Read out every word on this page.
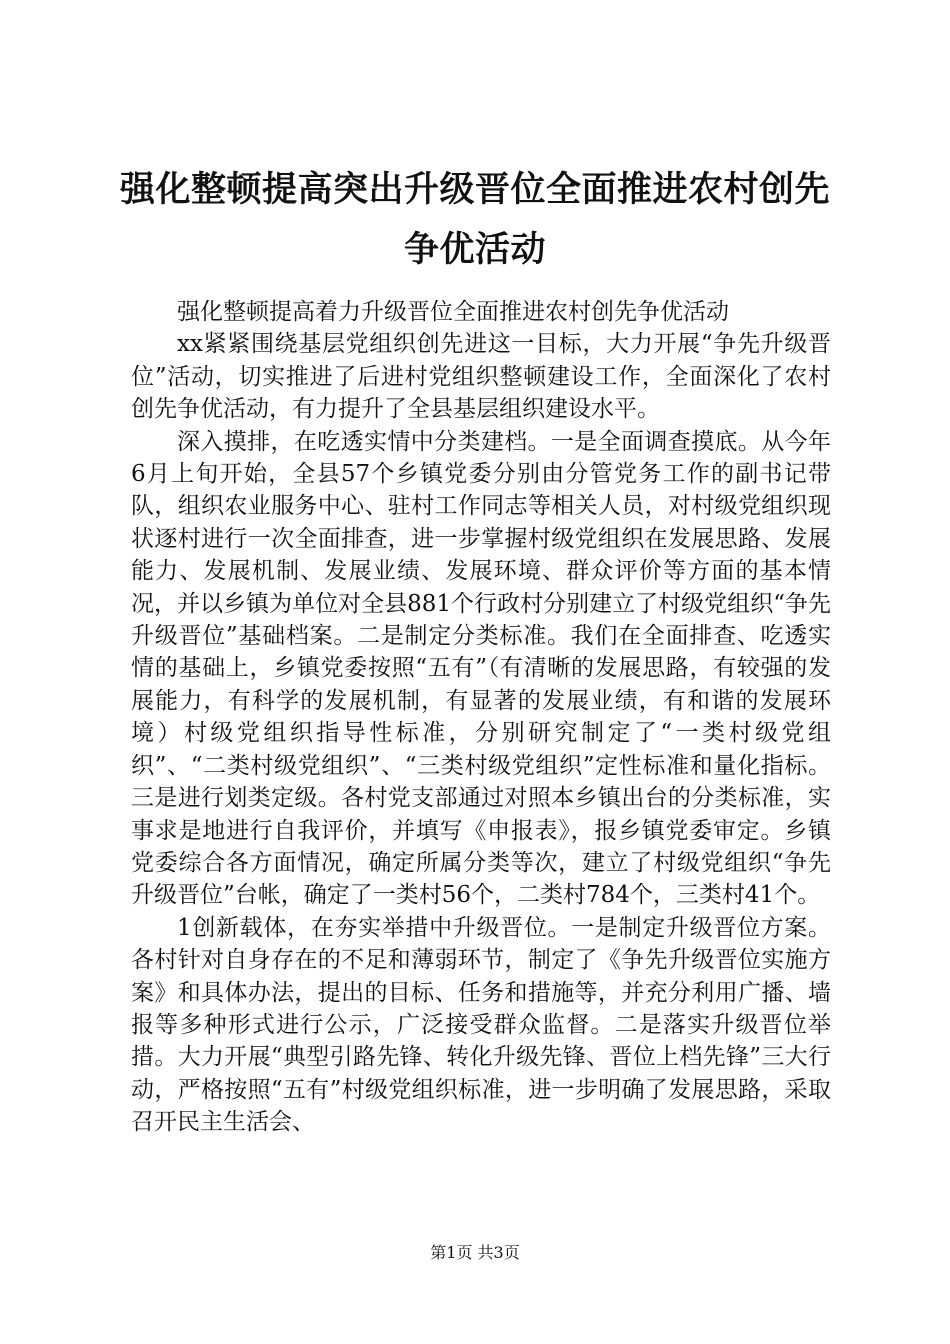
强化整顿提高突出升级晋位全面推进农村创先争优活动

强化整顿提高着力升级晋位全面推进农村创先争优活动

xx紧紧围绕基层党组织创先进这一目标，大力开展“争先升级晋位”活动，切实推进了后进村党组织整顿建设工作，全面深化了农村创先争优活动，有力提升了全县基层组织建设水平。

深入摸排，在吃透实情中分类建档。一是全面调查摸底。从今年6月上旬开始，全县57个乡镇党委分别由分管党务工作的副书记带队，组织农业服务中心、驻村工作同志等相关人员，对村级党组织现状逐村进行一次全面排查，进一步掌握村级党组织在发展思路、发展能力、发展机制、发展业绩、发展环境、群众评价等方面的基本情况，并以乡镇为单位对全县881个行政村分别建立了村级党组织“争先升级晋位”基础档案。二是制定分类标准。我们在全面排查、吃透实情的基础上，乡镇党委按照“五有”（有清晰的发展思路，有较强的发展能力，有科学的发展机制，有显著的发展业绩，有和谐的发展环境）村级党组织指导性标准，分别研究制定了“一类村级党组织”、“二类村级党组织”、“三类村级党组织”定性标准和量化指标。三是进行划类定级。各村党支部通过对照本乡镇出台的分类标准，实事求是地进行自我评价，并填写《申报表》，报乡镇党委审定。乡镇党委综合各方面情况，确定所属分类等次，建立了村级党组织“争先升级晋位”台帐，确定了一类村56个，二类村784个，三类村41个。

1创新载体，在夯实举措中升级晋位。一是制定升级晋位方案。各村针对自身存在的不足和薄弱环节，制定了《争先升级晋位实施方案》和具体办法，提出的目标、任务和措施等，并充分利用广播、墙报等多种形式进行公示，广泛接受群众监督。二是落实升级晋位举措。大力开展“典型引路先锋、转化升级先锋、晋位上档先锋”三大行动，严格按照“五有”村级党组织标准，进一步明确了发展思路，采取召开民主生活会、

第1页 共3页
